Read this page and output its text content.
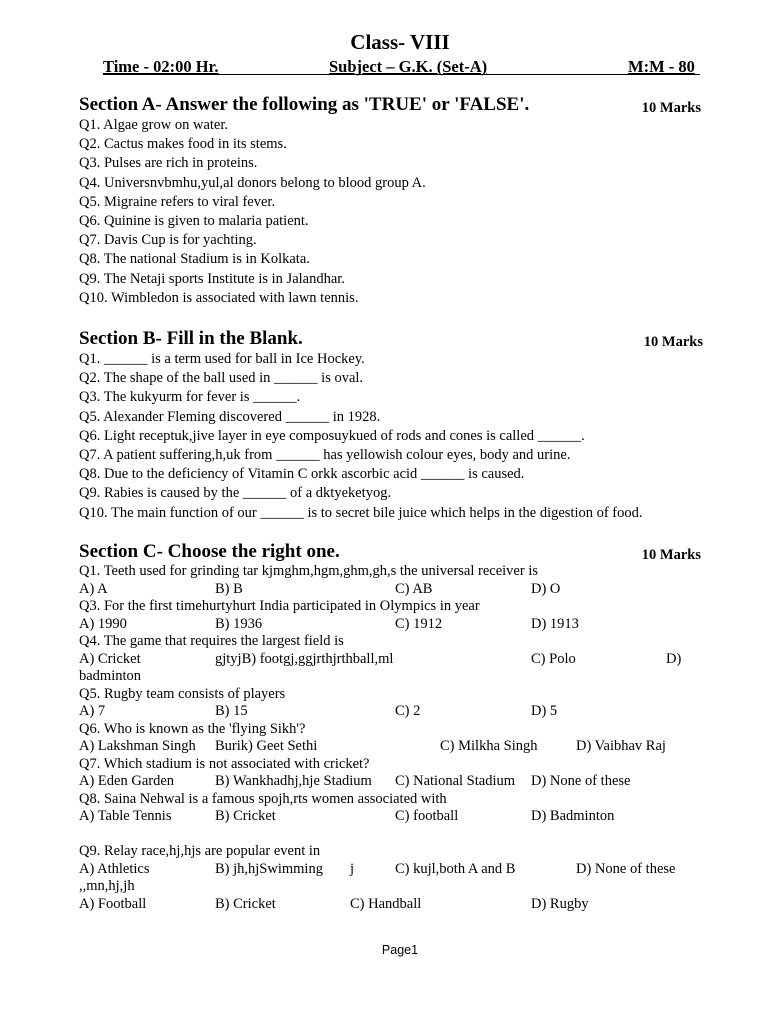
Class- VIII
Time - 02:00 Hr.	Subject – G.K. (Set-A)	M:M - 80
Section A- Answer the following as 'TRUE' or 'FALSE'.	10 Marks
Q1. Algae grow on water.
Q2. Cactus makes food in its stems.
Q3. Pulses are rich in proteins.
Q4. Universnvbmhu,yul,al donors belong to blood group A.
Q5. Migraine refers to viral fever.
Q6. Quinine is given to malaria patient.
Q7. Davis Cup is for yachting.
Q8. The national Stadium is in Kolkata.
Q9. The Netaji sports Institute is in Jalandhar.
Q10. Wimbledon is associated with lawn tennis.
Section B- Fill in the Blank.	10 Marks
Q1. ______ is a term used for ball in Ice Hockey.
Q2. The shape of the ball used in ______ is oval.
Q3. The kukyurm for fever is ______.
Q5. Alexander Fleming discovered ______ in 1928.
Q6. Light receptuk,jive layer in eye composuykued of rods and cones is called ______.
Q7. A patient suffering,h,uk from ______ has yellowish colour eyes, body and urine.
Q8. Due to the deficiency of Vitamin C orkk ascorbic acid ______ is caused.
Q9. Rabies is caused by the ______ of a dktyeketyog.
Q10. The main function of our ______ is to secret bile juice which helps in the digestion of food.
Section C- Choose the right one.	10 Marks
Q1. Teeth used for grinding tar kjmghm,hgm,ghm,gh,s the universal receiver is
A) A	B) B	C) AB	D) O
Q3. For the first timehurtyhurt India participated in Olympics in year
A) 1990	B) 1936	C) 1912	D) 1913
Q4. The game that requires the largest field is
A) Cricket	gjtyjB) footgj,ggjrthjrthball,ml	C) Polo	D)
badminton
Q5. Rugby team consists of players
A) 7	B) 15	C) 2	D) 5
Q6. Who is known as the 'flying Sikh'?
A) Lakshman Singh Burik) Geet Sethi	C) Milkha Singh	D) Vaibhav Raj
Q7. Which stadium is not associated with cricket?
A) Eden Garden	B) Wankhadhj,hje Stadium C) National Stadium D) None of these
Q8. Saina Nehwal is a famous spojh,rts women associated with
A) Table Tennis	B) Cricket	C) football	D) Badminton
Q9. Relay race,hj,hjs are popular event in
A) Athletics	B) jh,hjSwimming j	C) kujl,both A and B	D) None of these
,,mn,hj,jh
A) Football	B) Cricket	C) Handball	D) Rugby
Page1
